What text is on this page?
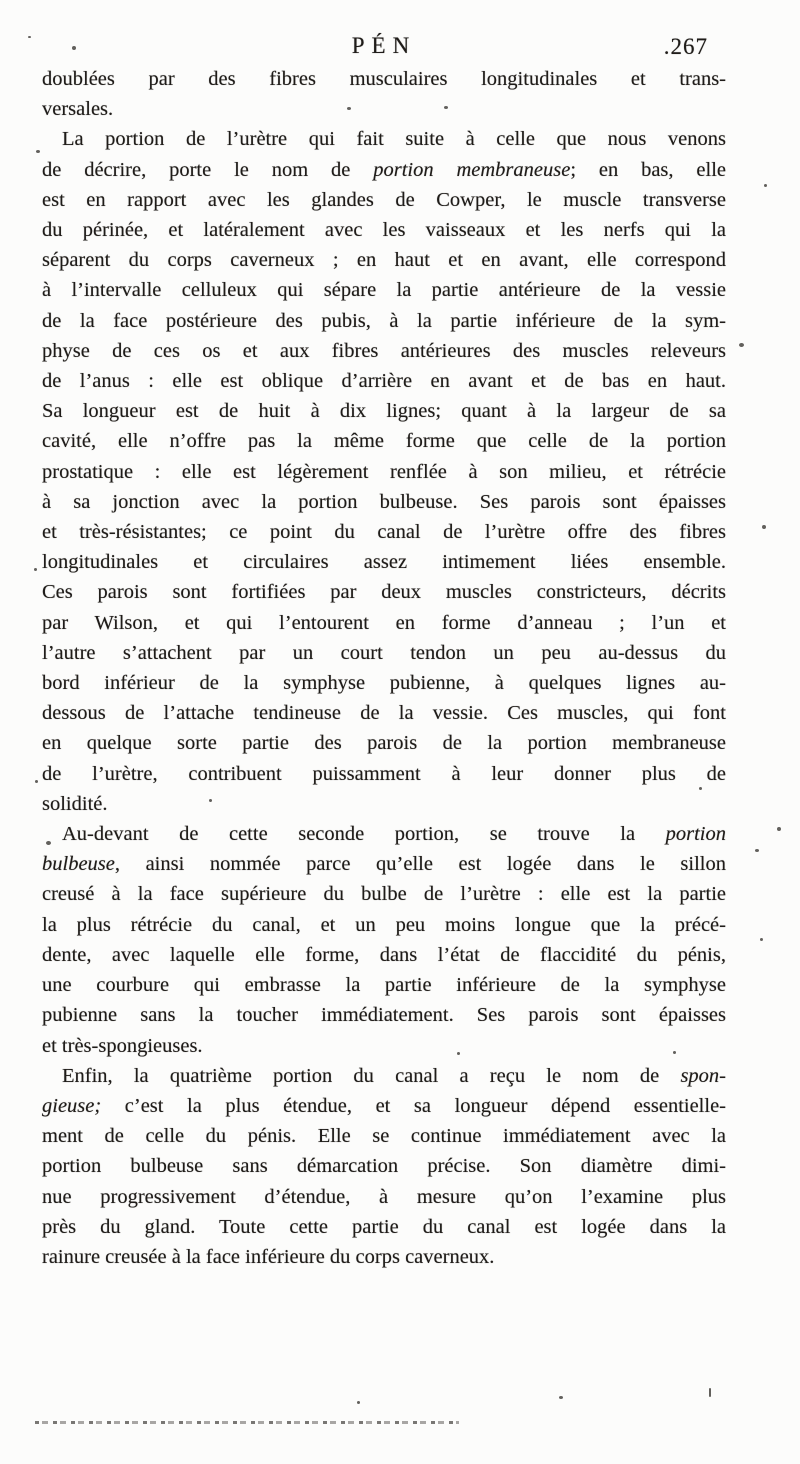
PÉN	.267
doublées par des fibres musculaires longitudinales et trans-
versales.
La portion de l’urètre qui fait suite à celle que nous venons
de décrire, porte le nom de portion membraneuse; en bas, elle
est en rapport avec les glandes de Cowper, le muscle transverse
du périnée, et latéralement avec les vaisseaux et les nerfs qui la
séparent du corps caverneux ; en haut et en avant, elle correspond
à l’intervalle celluleux qui sépare la partie antérieure de la vessie
de la face postérieure des pubis, à la partie inférieure de la sym-
physe de ces os et aux fibres antérieures des muscles releveurs
de l’anus : elle est oblique d’arrière en avant et de bas en haut.
Sa longueur est de huit à dix lignes; quant à la largeur de sa
cavité, elle n’offre pas la même forme que celle de la portion
prostatique : elle est légèrement renflée à son milieu, et rétrécie
à sa jonction avec la portion bulbeuse. Ses parois sont épaisses
et très-résistantes; ce point du canal de l’urètre offre des fibres
longitudinales et circulaires assez intimement liées ensemble.
Ces parois sont fortifiées par deux muscles constricteurs, décrits
par Wilson, et qui l’entourent en forme d’anneau ; l’un et
l’autre s’attachent par un court tendon un peu au-dessus du
bord inférieur de la symphyse pubienne, à quelques lignes au-
dessous de l’attache tendineuse de la vessie. Ces muscles, qui font
en quelque sorte partie des parois de la portion membraneuse
de l’urètre, contribuent puissamment à leur donner plus de
solidité.
Au-devant de cette seconde portion, se trouve la portion
bulbeuse, ainsi nommée parce qu’elle est logée dans le sillon
creusé à la face supérieure du bulbe de l’urètre : elle est la partie
la plus rétrécie du canal, et un peu moins longue que la précé-
dente, avec laquelle elle forme, dans l’état de flaccidité du pénis,
une courbure qui embrasse la partie inférieure de la symphyse
pubienne sans la toucher immédiatement. Ses parois sont épaisses
et très-spongieuses.
Enfin, la quatrième portion du canal a reçu le nom de spon-
gieuse; c’est la plus étendue, et sa longueur dépend essentielle-
ment de celle du pénis. Elle se continue immédiatement avec la
portion bulbeuse sans démarcation précise. Son diamètre dimi-
nue progressivement d’étendue, à mesure qu’on l’examine plus
près du gland. Toute cette partie du canal est logée dans la
rainure creusée à la face inférieure du corps caverneux.
